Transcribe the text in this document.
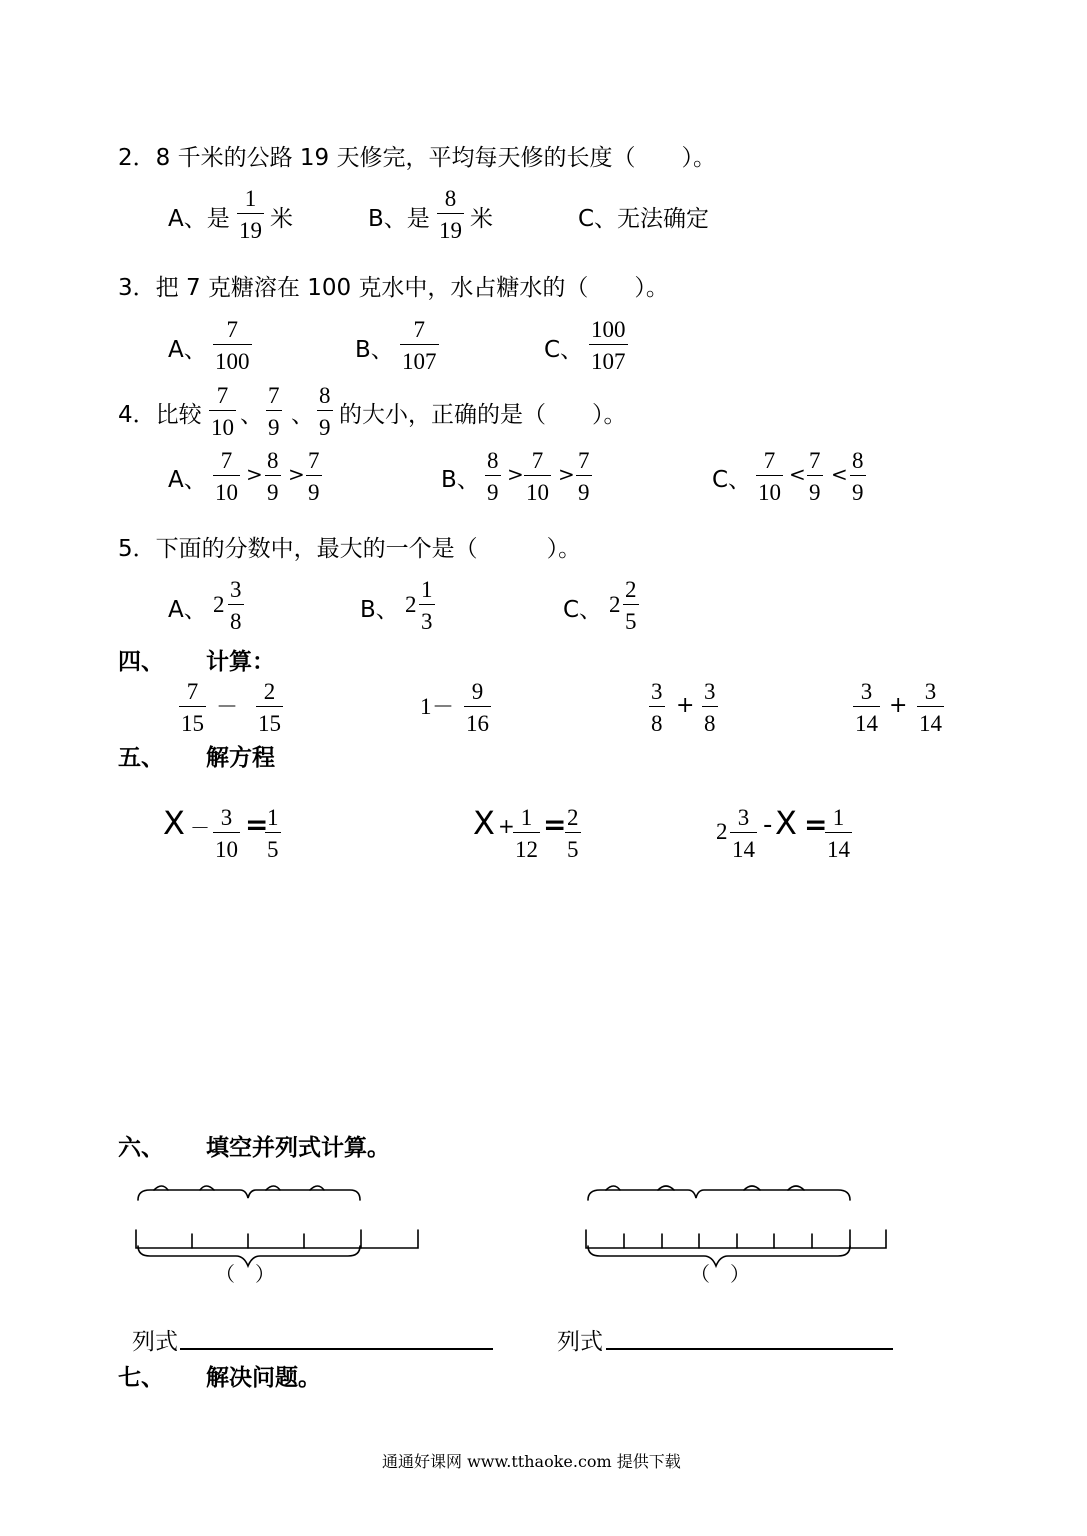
2．8 千米的公路 19 天修完，平均每天修的长度（　　）。
A、是
1
19 米	B、是
8
19 米	C、无法确定
3．把 7 克糖溶在 100 克水中，水占糖水的（　　）。
A、
7
100	B、
7
107	C、
100
107
4．比较
7
10 、
7
9 、
8
9 的大小，正确的是（　　）。
A、
7
10
>
8
9
>
7
9	B、
8
9
>
7
10
>
7
9	C、
7
10
<
7
9
<
8
9
5．下面的分数中，最大的一个是（　　　）。
A、 2
3
8	B、 2
1
3	C、 2
2
5
四、 计算：
7
15
－
2
15
1 －
9
16
3
8
+
3
8
3
14
+
3
14
五、 解方程
X － 3
10
=
1
5
X + 1
12
= 2
5
2
3
14
- X = 1
14
六、 填空并列式计算。
（　）	（　）
列式	列式
七、 解决问题。
通通好课网 www.tthaoke.com 提供下载
